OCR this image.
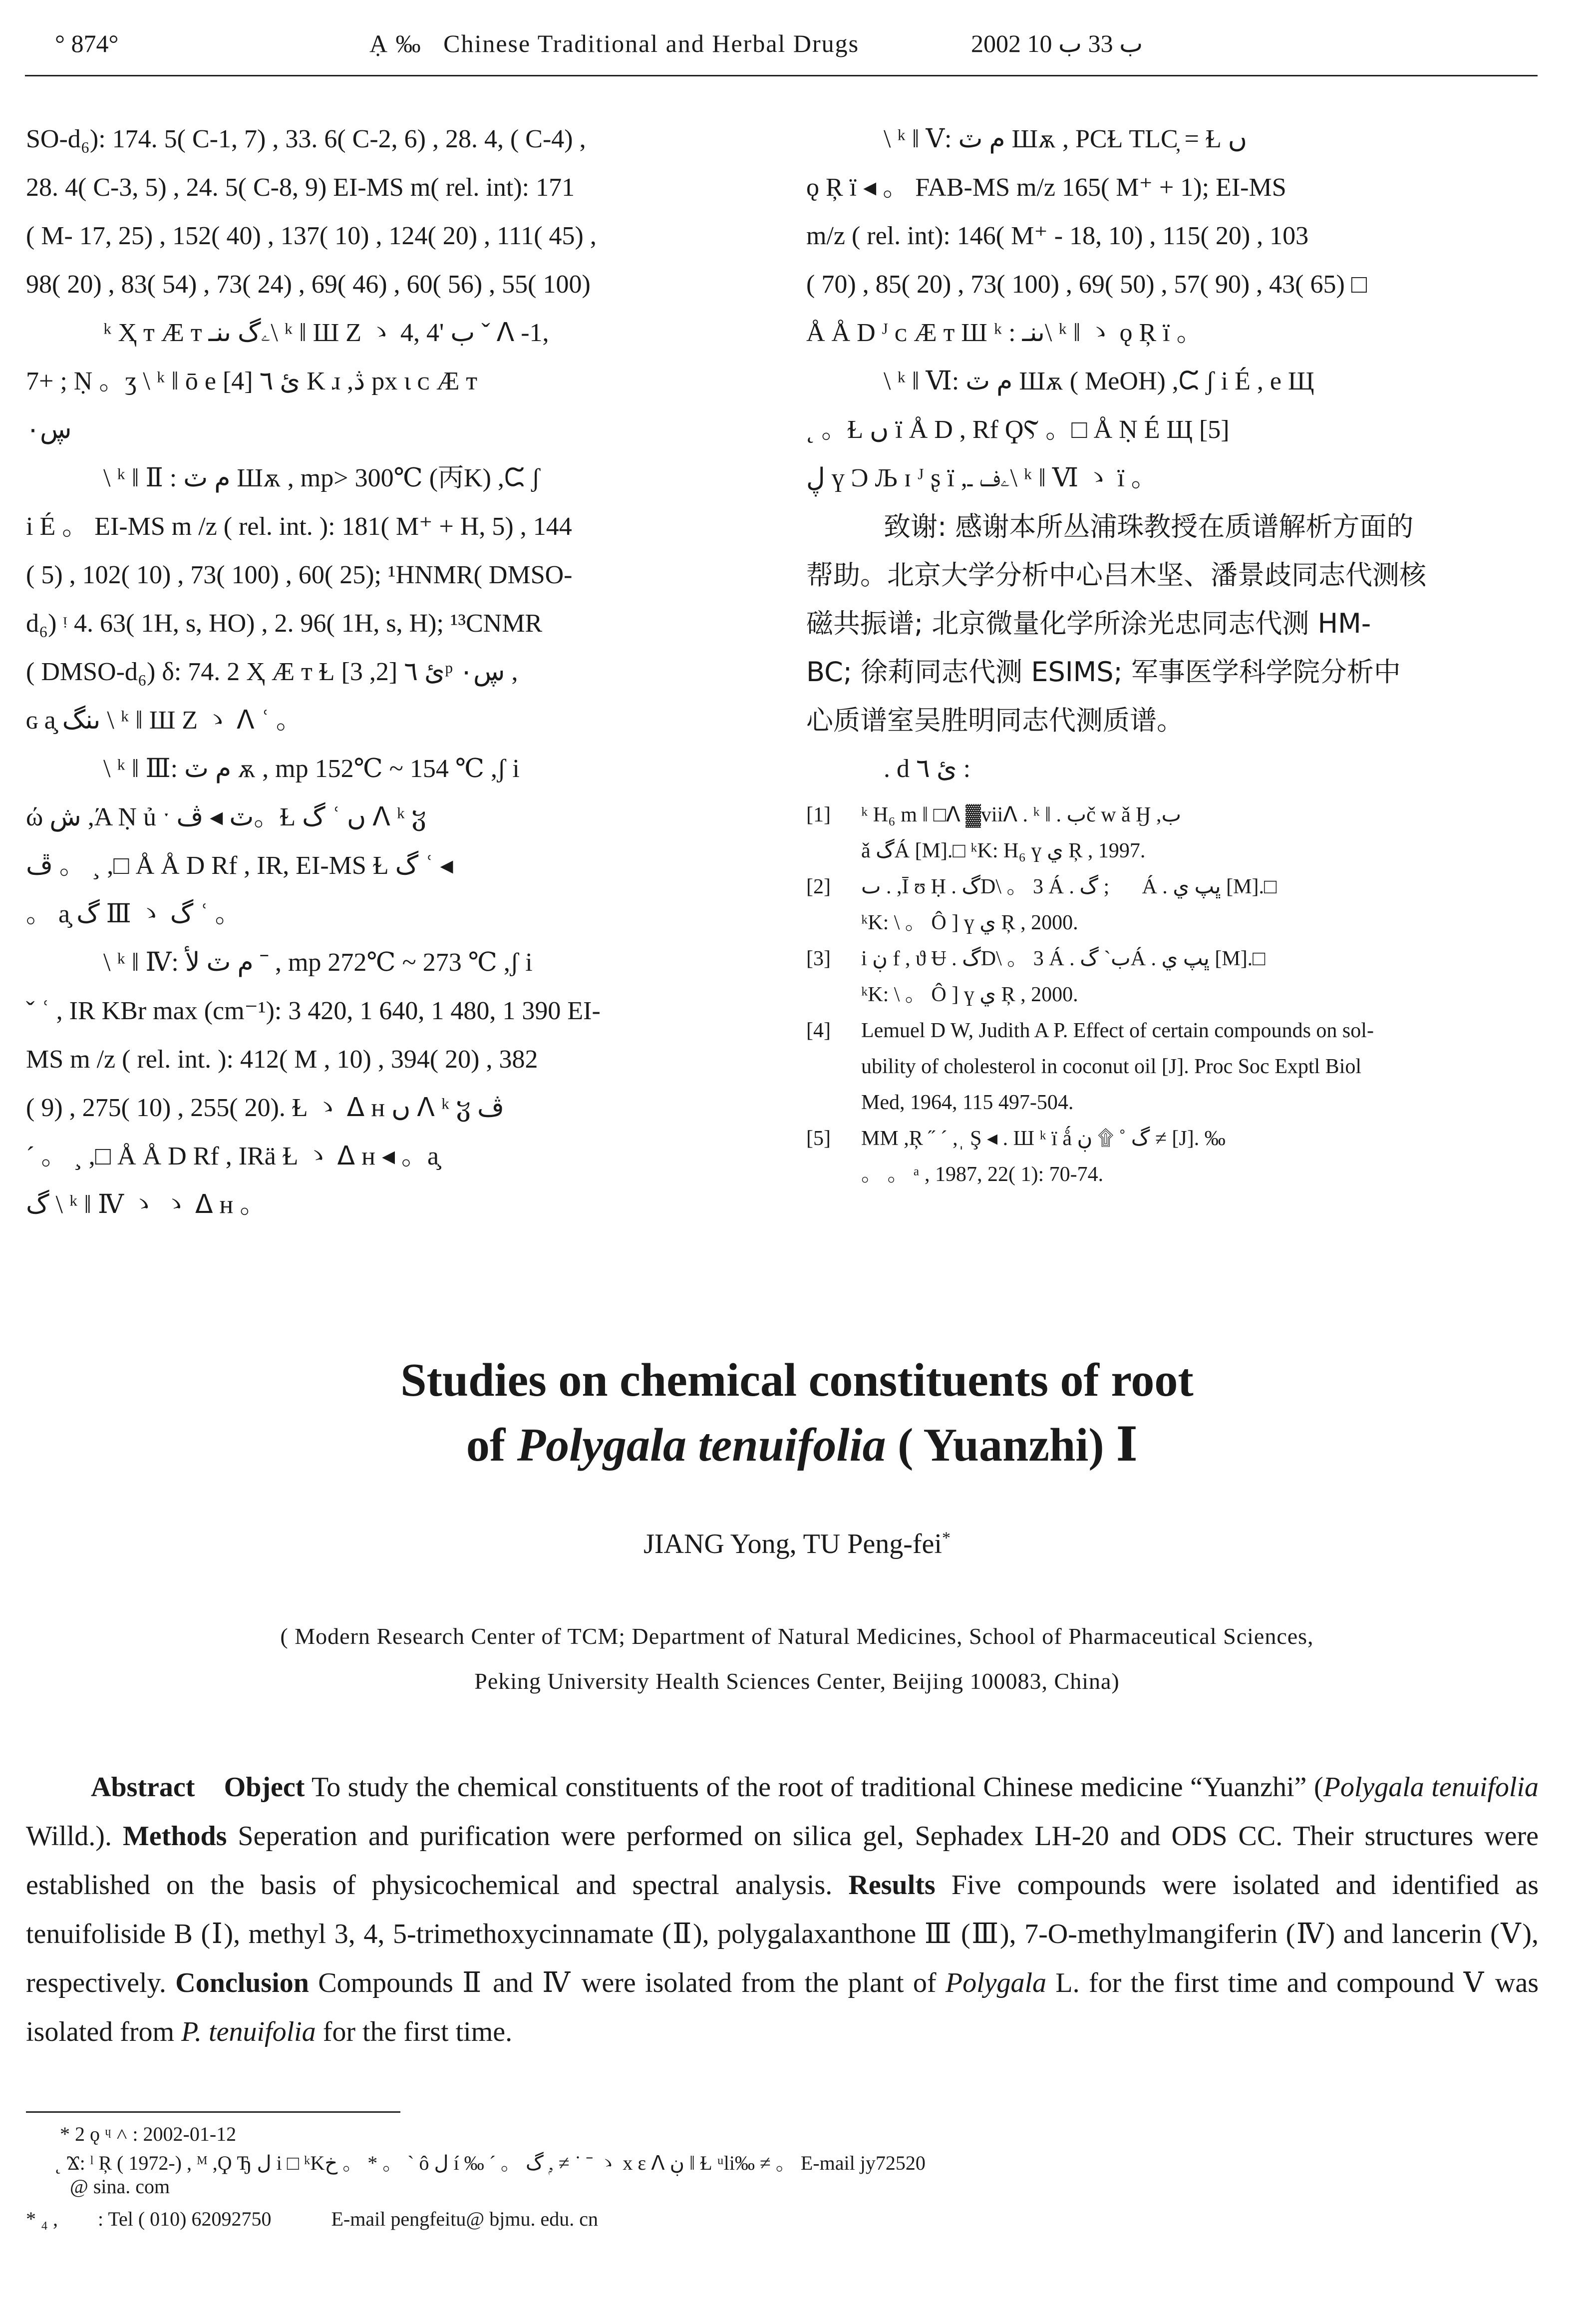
° 874°	Ạ ‰ Chinese Traditional and Herbal Drugs	2002 ب 33 ب 10

SO-d₆): 174. 5( C-1, 7) , 33. 6( C-2, 6) , 28. 4, ( C-4) ,

28. 4( C-3, 5) , 24. 5( C-8, 9) EI-MS m( rel. int): 171

( M- 17, 25) , 152( 40) , 137( 10) , 124( 20) , 111( 45) ,

98( 20) , 83( 54) , 73( 24) , 69( 46) , 60( 56) , 55( 100)

ᵏ Ҳ ᴛ Æ ᴛ ۦگ ٮنـ\ ᵏ ‖ Ш Ζ ゝ 4, 4' ب ˇ ᐱ -1,

7+ ; Ṇ 。ʒ \ ᵏ ‖ ō e ئ ٦ [4] K ɹ ,ڎ px ι ᴄ Æ ᴛ

ڛ۰

\ ᵏ ‖ Ⅱ : م ٽ Шѫ , mp> 300℃ (丙K) ,ᙅ ʃ

i É 。 EI-MS m /z ( rel. int. ): 181( M⁺ + H, 5) , 144

( 5) , 102( 10) , 73( 100) , 60( 25); ¹HNMR( DMSO-

d₆) ᵎ 4. 63( 1H, s, HO) , 2. 96( 1H, s, H); ¹³CNMR

( DMSO-d₆) δ: 74. 2 Ҳ Æ ᴛ Ɫ ئ ٦ [2, 3]ᵖ ڛ۰ ,

ɢ a̧ ٮنگ \ ᵏ ‖ Ш Ζ ゝ ᐱ ʿ 。

\ ᵏ ‖ Ⅲ: م ٽ ѫ , mp 152℃ ~ 154 ℃ ,ʃ i

ώ ﺵ ,Ά Ṇ ủ ˑ ٽ ◂ ڤ。Ɫ گ ʿ ں ᐱ ᵏ ჳ

ڦ 。 ¸ ,□ Å Å D Rf , IR, EI-MS Ɫ گ ʿ ◂

。 a̧ گ Ⅲ ゝ گ ʿ 。

\ ᵏ ‖ Ⅳ: م ٽ ﻷ ˉ , mp 272℃ ~ 273 ℃ ,ʃ i

ˇ ʿ , IR KBr max (cm⁻¹): 3 420, 1 640, 1 480, 1 390 EI-

MS m /z ( rel. int. ): 412( M , 10) , 394( 20) , 382

( 9) , 275( 10) , 255( 20). Ɫ ゝ ᐃ ʜ ں ᐱ ᵏ ჳ ڤ

ˊ 。 ¸ ,□ Å Å D Rf , IRä Ɫ ゝ ᐃ ʜ ◂ 。a̧

گ \ ᵏ ‖ Ⅳ ゝ ゝ ᐃ ʜ 。

\ ᵏ ‖ Ⅴ: م ٽ Шѫ , PCⱢ TLC̦ = Ɫ ں

ǫ Ŗ ï ◂ 。 FAB-MS m/z 165( M⁺ + 1); EI-MS

m/z ( rel. int): 146( M⁺ - 18, 10) , 115( 20) , 103

( 70) , 85( 20) , 73( 100) , 69( 50) , 57( 90) , 43( 65) □

Å Å D ᴶ ᴄ Æ ᴛ Ш ᵏ : ٮنـ\ ᵏ ‖ ゝ ǫ Ŗ ï 。

\ ᵏ ‖ Ⅵ: م ٽ Шѫ ( MeOH) ,ᙅ ʃ i É , e Щ

˛ 。Ɫ ں ï Å D , Rf ϘⲊ 。□ Å Ṇ É Щ [5]

ڸ ү Ͻ Љ ɪ ᴶ ʂ ï ,ۦف ـ\ ᵏ ‖ Ⅵ ゝ ï 。

致谢: 感谢本所丛浦珠教授在质谱解析方面的

帮助。北京大学分析中心吕木坚、潘景歧同志代测核

磁共振谱; 北京微量化学所涂光忠同志代测 HM-

BC; 徐莉同志代测 ESIMS; 军事医学科学院分析中

心质谱室吴胜明同志代测质谱。

. d ئ ٦ :

[1] ᵏ H₆ m ‖ □ᐱ ▓viiᐱ . ᵏ ‖ . بč w ǎ Ӈ ,ب
ǎ گÁ [M].□ ᵏK: H₆ ү ي Ŗ , 1997.
[2] ٮ . ,Ī ʊ Ḥ . گD\ 。 3 Á . بٖ; گÁ . ڀپ ي [M].□
ᵏK: \ 。 Ô ] ү ي Ŗ , 2000.
[3] i ڹ f , ϑ Ʉ . گD\ 。 3 Á . ب` گÁ . ڀپ ي [M].□
ᵏK: \ 。 Ô ] ү ي Ŗ , 2000.
[4] Lemuel D W, Judith A P. Effect of certain compounds on sol-
ubility of cholesterol in coconut oil [J]. Proc Soc Exptl Biol
Med, 1964, 115 497-504.
[5] MM ,Ŗ ˝ ˊ ,ˌ Ş ◂ . Ш ᵏ ï ǻ گ ˚ ۩ ڹ ≠ [J]. ‰
。 。 ᵃ , 1987, 22( 1): 70-74.
Studies on chemical constituents of root
of Polygala tenuifolia ( Yuanzhi) Ⅰ
JIANG Yong, TU Peng-fei*
( Modern Research Center of TCM; Department of Natural Medicines, School of Pharmaceutical Sciences,
Peking University Health Sciences Center, Beijing 100083, China)

Abstract Object To study the chemical constituents of the root of traditional Chinese medicine “Yuanzhi” (Polygala tenuifolia Willd.). Methods Seperation and purification were performed on silica gel, Sephadex LH-20 and ODS CC. Their structures were established on the basis of physicochemical and spectral analysis. Results Five compounds were isolated and identified as tenuifoliside B (Ⅰ), methyl 3, 4, 5-trimethoxycinnamate (Ⅱ), polygalaxanthone Ⅲ (Ⅲ), 7-O-methylmangiferin (Ⅳ) and lancerin (Ⅴ), respectively. Conclusion Compounds Ⅱ and Ⅳ were isolated from the plant of Polygala L. for the first time and compound Ⅴ was isolated from P. tenuifolia for the first time.

* 2 ǫ ᶣ ˄ : 2002-01-12
˛ Ϫ: ˡ Ŗ ( 1972-) , ᴹ ,Ϙ Ђ ل i □ ᵏKخ 。 * 。 ˋ ô ل í ‰ ˊ 。 گ ,ۭ ≠ ˙ ˉ ゝ x ε ᐱ ڹ ‖ Ɫ ᵘli‰ ≠ 。 E-mail jy72520
@ sina. com
* ₄ , : Tel ( 010) 62092750	E-mail pengfeitu@ bjmu. edu. cn
